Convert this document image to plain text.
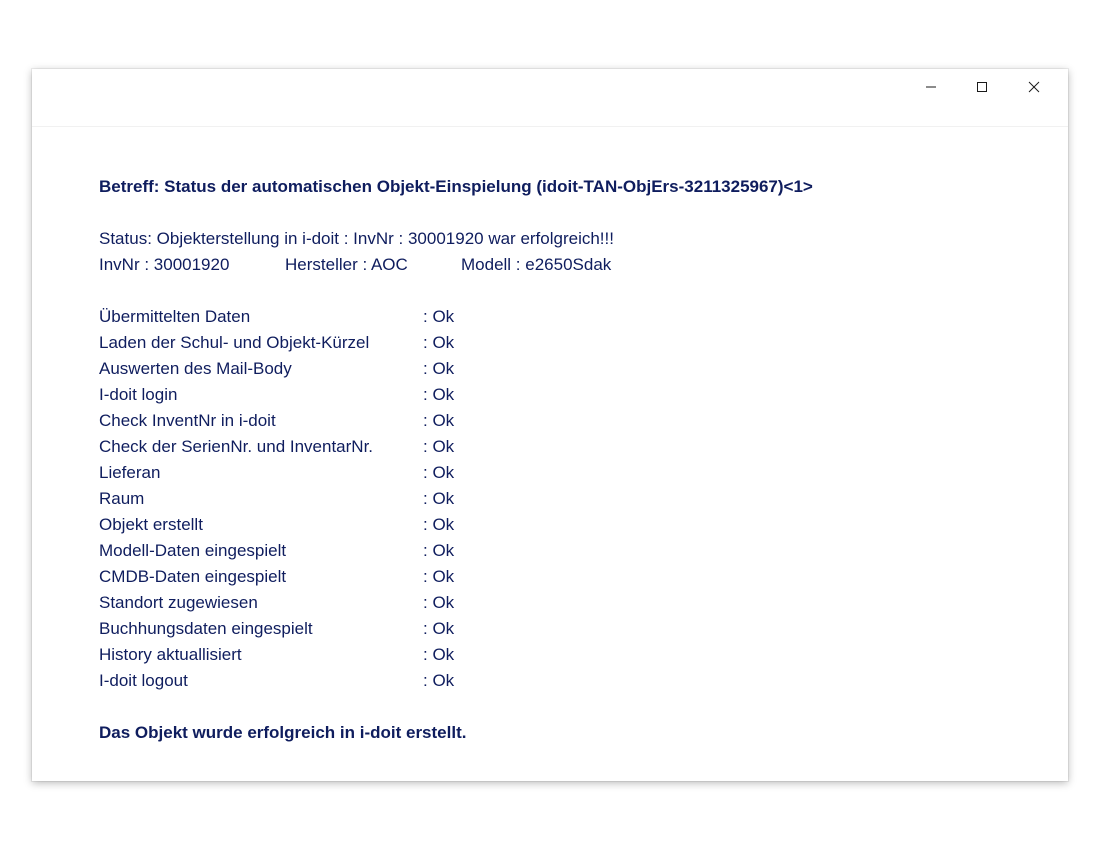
Betreff: Status der automatischen Objekt-Einspielung (idoit-TAN-ObjErs-3211325967)<1>
Status: Objekterstellung in i-doit : InvNr : 30001920 war erfolgreich!!!
InvNr : 30001920	Hersteller : AOC	Modell : e2650Sdak
Übermittelten Daten	: Ok
Laden der Schul- und Objekt-Kürzel	: Ok
Auswerten des Mail-Body	: Ok
I-doit login	: Ok
Check InventNr in i-doit	: Ok
Check der SerienNr. und InventarNr.	: Ok
Lieferan	: Ok
Raum	: Ok
Objekt erstellt	: Ok
Modell-Daten eingespielt	: Ok
CMDB-Daten eingespielt	: Ok
Standort zugewiesen	: Ok
Buchhungsdaten eingespielt	: Ok
History aktuallisiert	: Ok
I-doit logout	: Ok
Das Objekt wurde erfolgreich in i-doit erstellt.
